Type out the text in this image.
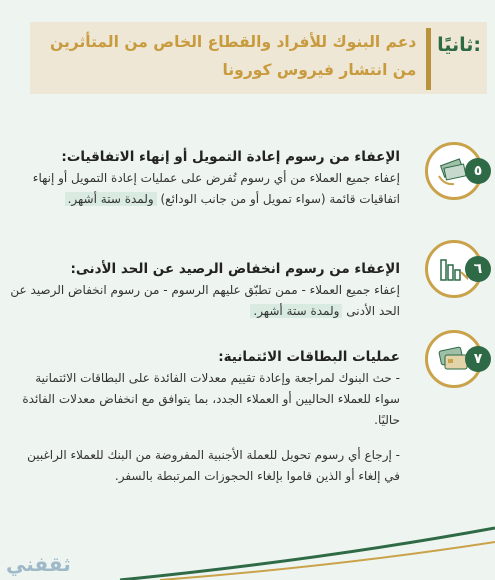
ثانيًا:
دعم البنوك للأفراد والقطاع الخاص من المتأثرين من انتشار فيروس كورونا
٥
الإعفاء من رسوم إعادة التمويل أو إنهاء الاتفاقيات:
إعفاء جميع العملاء من أي رسوم تُفرض على عمليات إعادة التمويل أو إنهاء اتفاقيات قائمة (سواء تمويل أو من جانب الودائع) ولمدة ستة أشهر.
٦
الإعفاء من رسوم انخفاض الرصيد عن الحد الأدنى:
إعفاء جميع العملاء - ممن تطبّق عليهم الرسوم - من رسوم انخفاض الرصيد عن الحد الأدنى ولمدة ستة أشهر.
٧
عمليات البطاقات الائتمانية:
- حث البنوك لمراجعة وإعادة تقييم معدلات الفائدة على البطاقات الائتمانية سواء للعملاء الحاليين أو العملاء الجدد، بما يتوافق مع انخفاض معدلات الفائدة حاليًا.
- إرجاع أي رسوم تحويل للعملة الأجنبية المفروضة من البنك للعملاء الراغبين في إلغاء أو الذين قاموا بإلغاء الحجوزات المرتبطة بالسفر.
ثقفني
